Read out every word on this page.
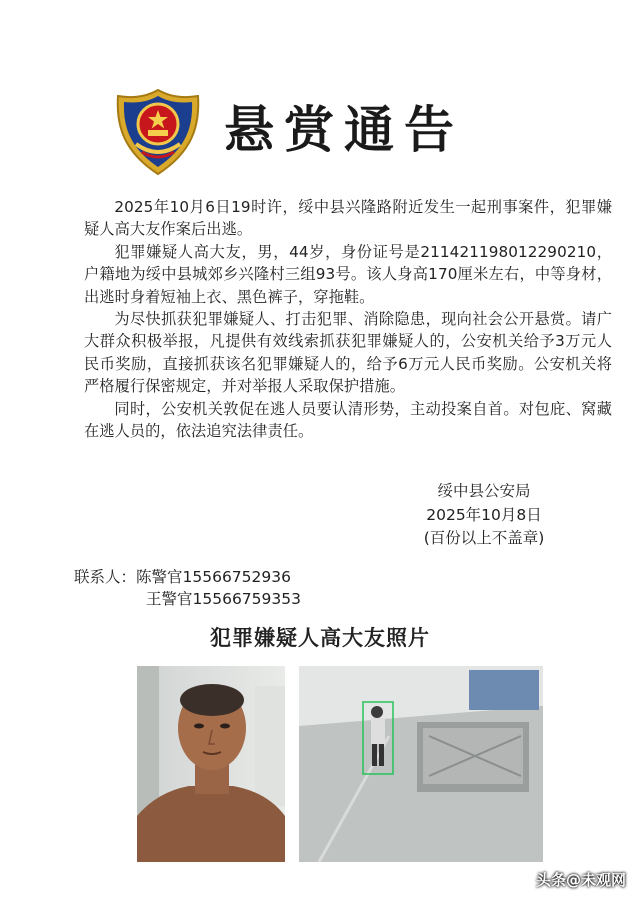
悬赏通告

2025年10月6日19时许，绥中县兴隆路附近发生一起刑事案件，犯罪嫌疑人高大友作案后出逃。

犯罪嫌疑人高大友，男，44岁，身份证号是211421198012290210，户籍地为绥中县城郊乡兴隆村三组93号。该人身高170厘米左右，中等身材，出逃时身着短袖上衣、黑色裤子，穿拖鞋。

为尽快抓获犯罪嫌疑人、打击犯罪、消除隐患，现向社会公开悬赏。请广大群众积极举报，凡提供有效线索抓获犯罪嫌疑人的，公安机关给予3万元人民币奖励，直接抓获该名犯罪嫌疑人的，给予6万元人民币奖励。公安机关将严格履行保密规定，并对举报人采取保护措施。

同时，公安机关敦促在逃人员要认清形势，主动投案自首。对包庇、窝藏在逃人员的，依法追究法律责任。

绥中县公安局
2025年10月8日
(百份以上不盖章)
联系人：陈警官15566752936
王警官15566759353
犯罪嫌疑人高大友照片
头条@未观网
